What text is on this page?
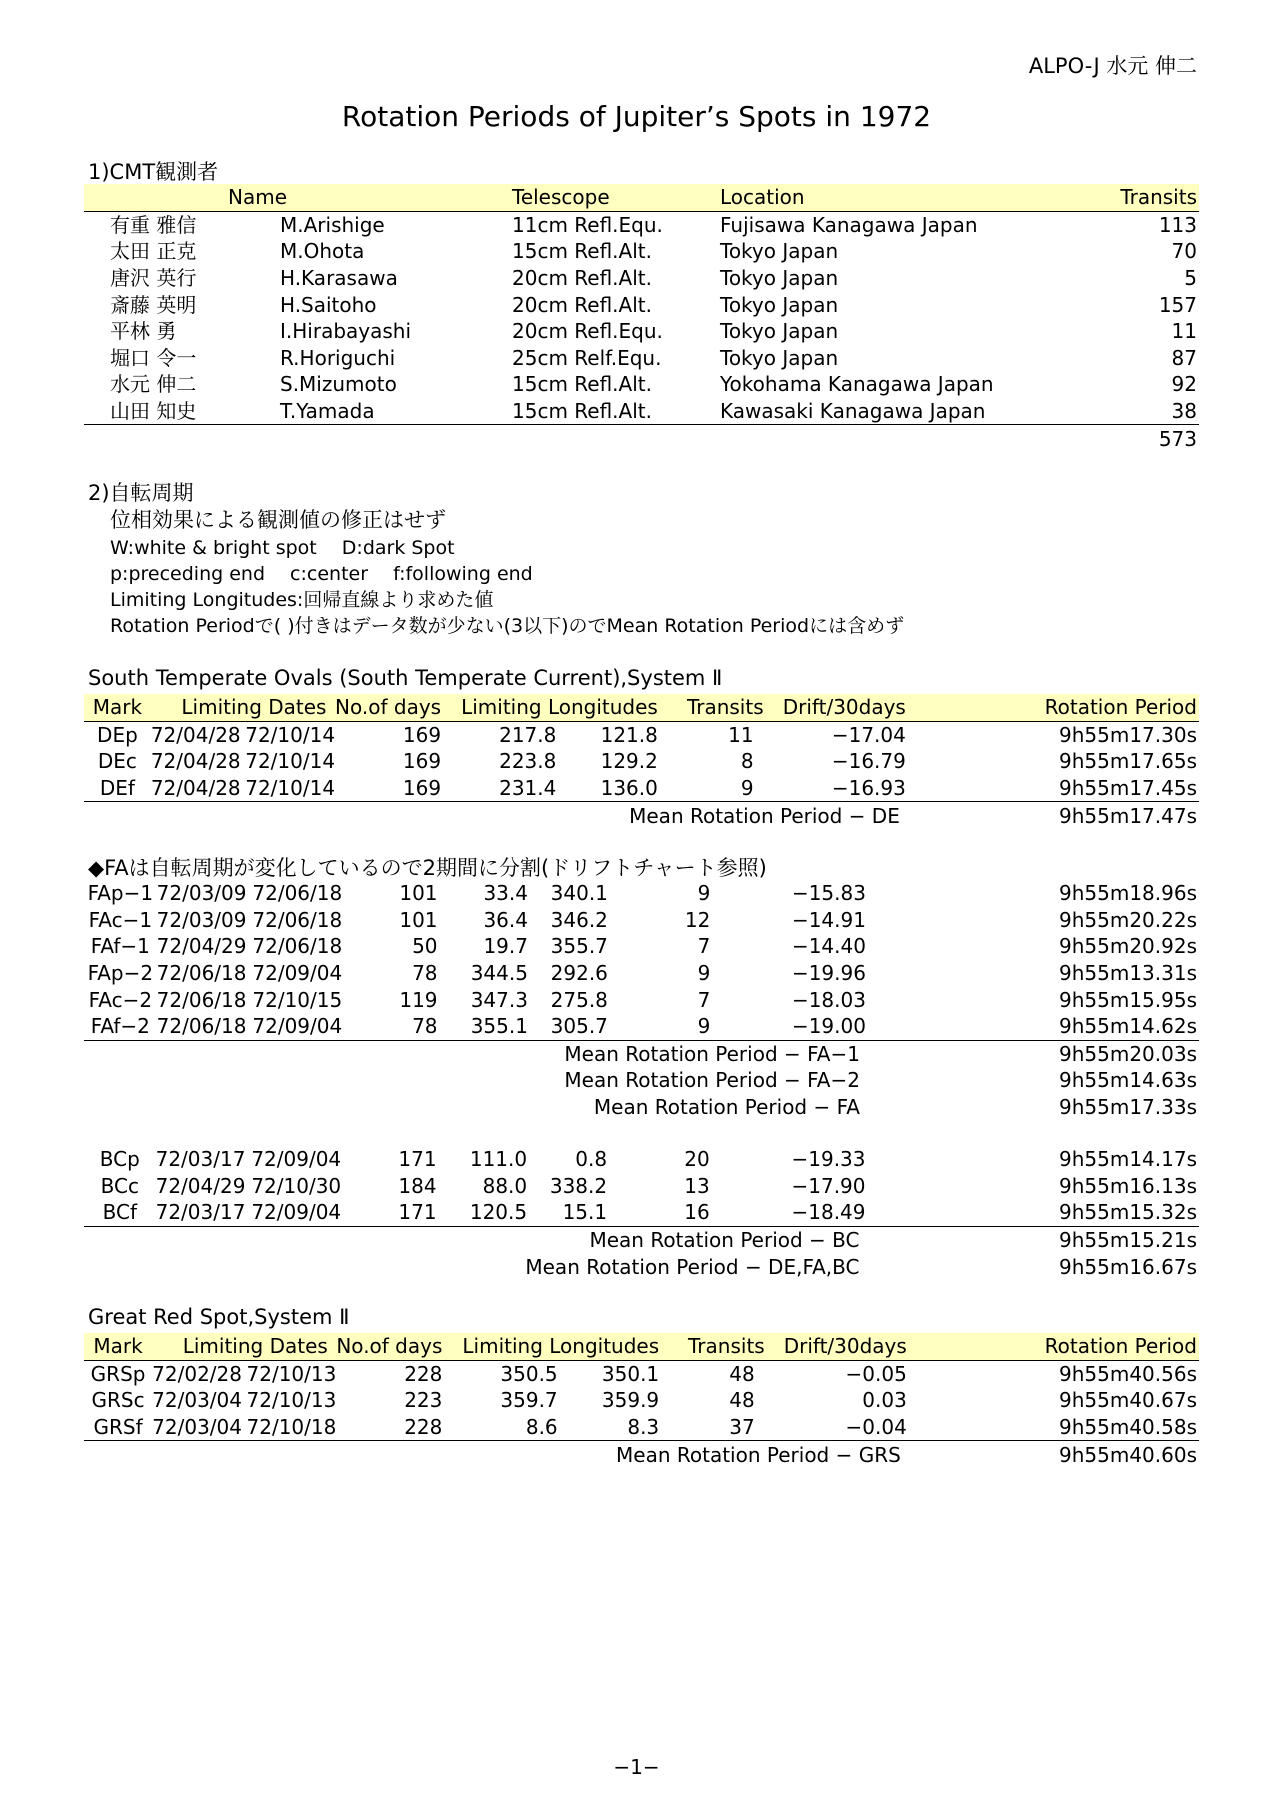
ALPO-J 水元 伸二
Rotation Periods of Jupiter’s Spots in 1972
1)CMT観測者
	Name		Telescope	Location	Transits
	有重 雅信	M.Arishige	11cm Refl.Equ.	Fujisawa Kanagawa Japan	113
	太田 正克	M.Ohota	15cm Refl.Alt.	Tokyo Japan	70
	唐沢 英行	H.Karasawa	20cm Refl.Alt.	Tokyo Japan	5
	斎藤 英明	H.Saitoho	20cm Refl.Alt.	Tokyo Japan	157
	平林 勇	I.Hirabayashi	20cm Refl.Equ.	Tokyo Japan	11
	堀口 令一	R.Horiguchi	25cm Relf.Equ.	Tokyo Japan	87
	水元 伸二	S.Mizumoto	15cm Refl.Alt.	Yokohama Kanagawa Japan	92
	山田 知史	T.Yamada	15cm Refl.Alt.	Kawasaki Kanagawa Japan	38
					573
2)自転周期
位相効果による観測値の修正はせず
W:white & bright spot　 D:dark Spot
p:preceding end　 c:center　 f:following end
Limiting Longitudes:回帰直線より求めた値
Rotation Periodで( )付きはデータ数が少ない(3以下)のでMean Rotation Periodには含めず
South Temperate Ovals (South Temperate Current),System Ⅱ
Mark	Limiting Dates		No.of days	Limiting Longitudes		Transits	Drift/30days	Rotation Period
DEp	72/04/28	72/10/14	169	217.8	121.8	11	−17.04	9h55m17.30s
DEc	72/04/28	72/10/14	169	223.8	129.2	8	−16.79	9h55m17.65s
DEf	72/04/28	72/10/14	169	231.4	136.0	9	−16.93	9h55m17.45s
Mean Rotation Period − DE								9h55m17.47s
◆FAは自転周期が変化しているので2期間に分割(ドリフトチャート参照)
FAp−1	72/03/09	72/06/18	101	33.4	340.1	9	−15.83	9h55m18.96s
FAc−1	72/03/09	72/06/18	101	36.4	346.2	12	−14.91	9h55m20.22s
FAf−1	72/04/29	72/06/18	50	19.7	355.7	7	−14.40	9h55m20.92s
FAp−2	72/06/18	72/09/04	78	344.5	292.6	9	−19.96	9h55m13.31s
FAc−2	72/06/18	72/10/15	119	347.3	275.8	7	−18.03	9h55m15.95s
FAf−2	72/06/18	72/09/04	78	355.1	305.7	9	−19.00	9h55m14.62s
Mean Rotation Period − FA−1								9h55m20.03s
Mean Rotation Period − FA−2								9h55m14.63s
Mean Rotation Period − FA								9h55m17.33s
BCp	72/03/17	72/09/04	171	111.0	0.8	20	−19.33	9h55m14.17s
BCc	72/04/29	72/10/30	184	88.0	338.2	13	−17.90	9h55m16.13s
BCf	72/03/17	72/09/04	171	120.5	15.1	16	−18.49	9h55m15.32s
Mean Rotation Period − BC								9h55m15.21s
Mean Rotation Period − DE,FA,BC								9h55m16.67s
Great Red Spot,System Ⅱ
Mark	Limiting Dates		No.of days	Limiting Longitudes		Transits	Drift/30days	Rotation Period
GRSp	72/02/28	72/10/13	228	350.5	350.1	48	−0.05	9h55m40.56s
GRSc	72/03/04	72/10/13	223	359.7	359.9	48	0.03	9h55m40.67s
GRSf	72/03/04	72/10/18	228	8.6	8.3	37	−0.04	9h55m40.58s
Mean Rotation Period − GRS								9h55m40.60s
−1−
